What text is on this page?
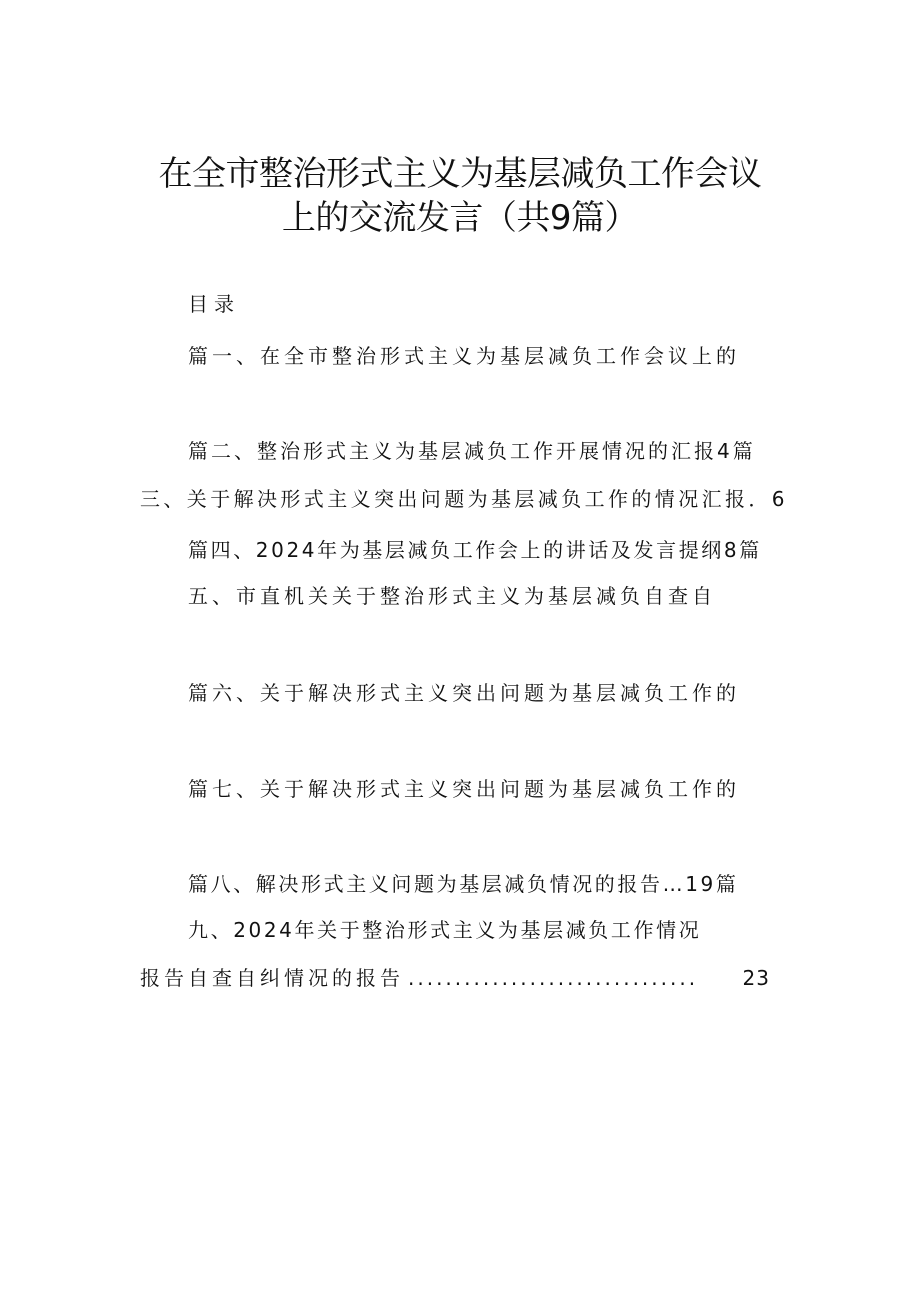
在全市整治形式主义为基层减负工作会议
上的交流发言（共9篇）
目录
篇一、在全市整治形式主义为基层减负工作会议上的
篇二、整治形式主义为基层减负工作开展情况的汇报4篇
三、关于解决形式主义突出问题为基层减负工作的情况汇报．6
篇四、2024年为基层减负工作会上的讲话及发言提纲8篇
五、市直机关关于整治形式主义为基层减负自查自
篇六、关于解决形式主义突出问题为基层减负工作的
篇七、关于解决形式主义突出问题为基层减负工作的
篇八、解决形式主义问题为基层减负情况的报告…19篇
九、2024年关于整治形式主义为基层减负工作情况
报告自查自纠情况的报告 ...............................	23
